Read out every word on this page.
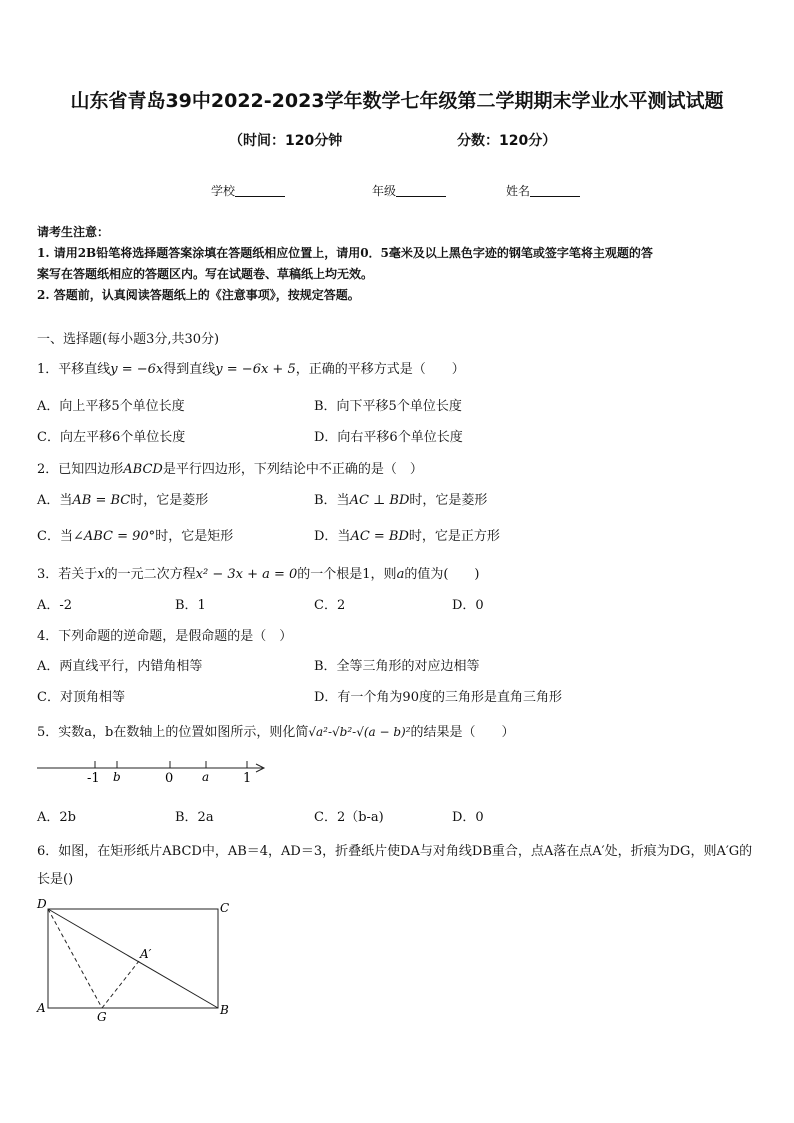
山东省青岛39中2022-2023学年数学七年级第二学期期末学业水平测试试题
（时间：120分钟	分数：120分）
学校	年级	姓名
请考生注意：
1. 请用2B铅笔将选择题答案涂填在答题纸相应位置上，请用0．5毫米及以上黑色字迹的钢笔或签字笔将主观题的答
案写在答题纸相应的答题区内。写在试题卷、草稿纸上均无效。
2. 答题前，认真阅读答题纸上的《注意事项》，按规定答题。
一、选择题(每小题3分,共30分)
1．平移直线y = −6x得到直线y = −6x + 5，正确的平移方式是（　　）
A．向上平移5个单位长度	B．向下平移5个单位长度
C．向左平移6个单位长度	D．向右平移6个单位长度
2．已知四边形ABCD是平行四边形，下列结论中不正确的是（　）
A．当AB = BC时，它是菱形	B．当AC ⊥ BD时，它是菱形
C．当∠ABC = 90°时，它是矩形	D．当AC = BD时，它是正方形
3．若关于x的一元二次方程x² − 3x + a = 0的一个根是1，则a的值为(　　)
A．-2	B．1	C．2	D．0
4．下列命题的逆命题，是假命题的是（　）
A．两直线平行，内错角相等	B．全等三角形的对应边相等
C．对顶角相等	D．有一个角为90度的三角形是直角三角形
5．实数a，b在数轴上的位置如图所示，则化简√a²-√b²-√(a − b)²的结果是（　　）
-1 b	0 a	1
A．2b	B．2a	C．2（b-a)	D．0
6．如图，在矩形纸片ABCD中，AB＝4，AD＝3，折叠纸片使DA与对角线DB重合，点A落在点A′处，折痕为DG，则A′G的长是()
D	C
A	B
G
A′
